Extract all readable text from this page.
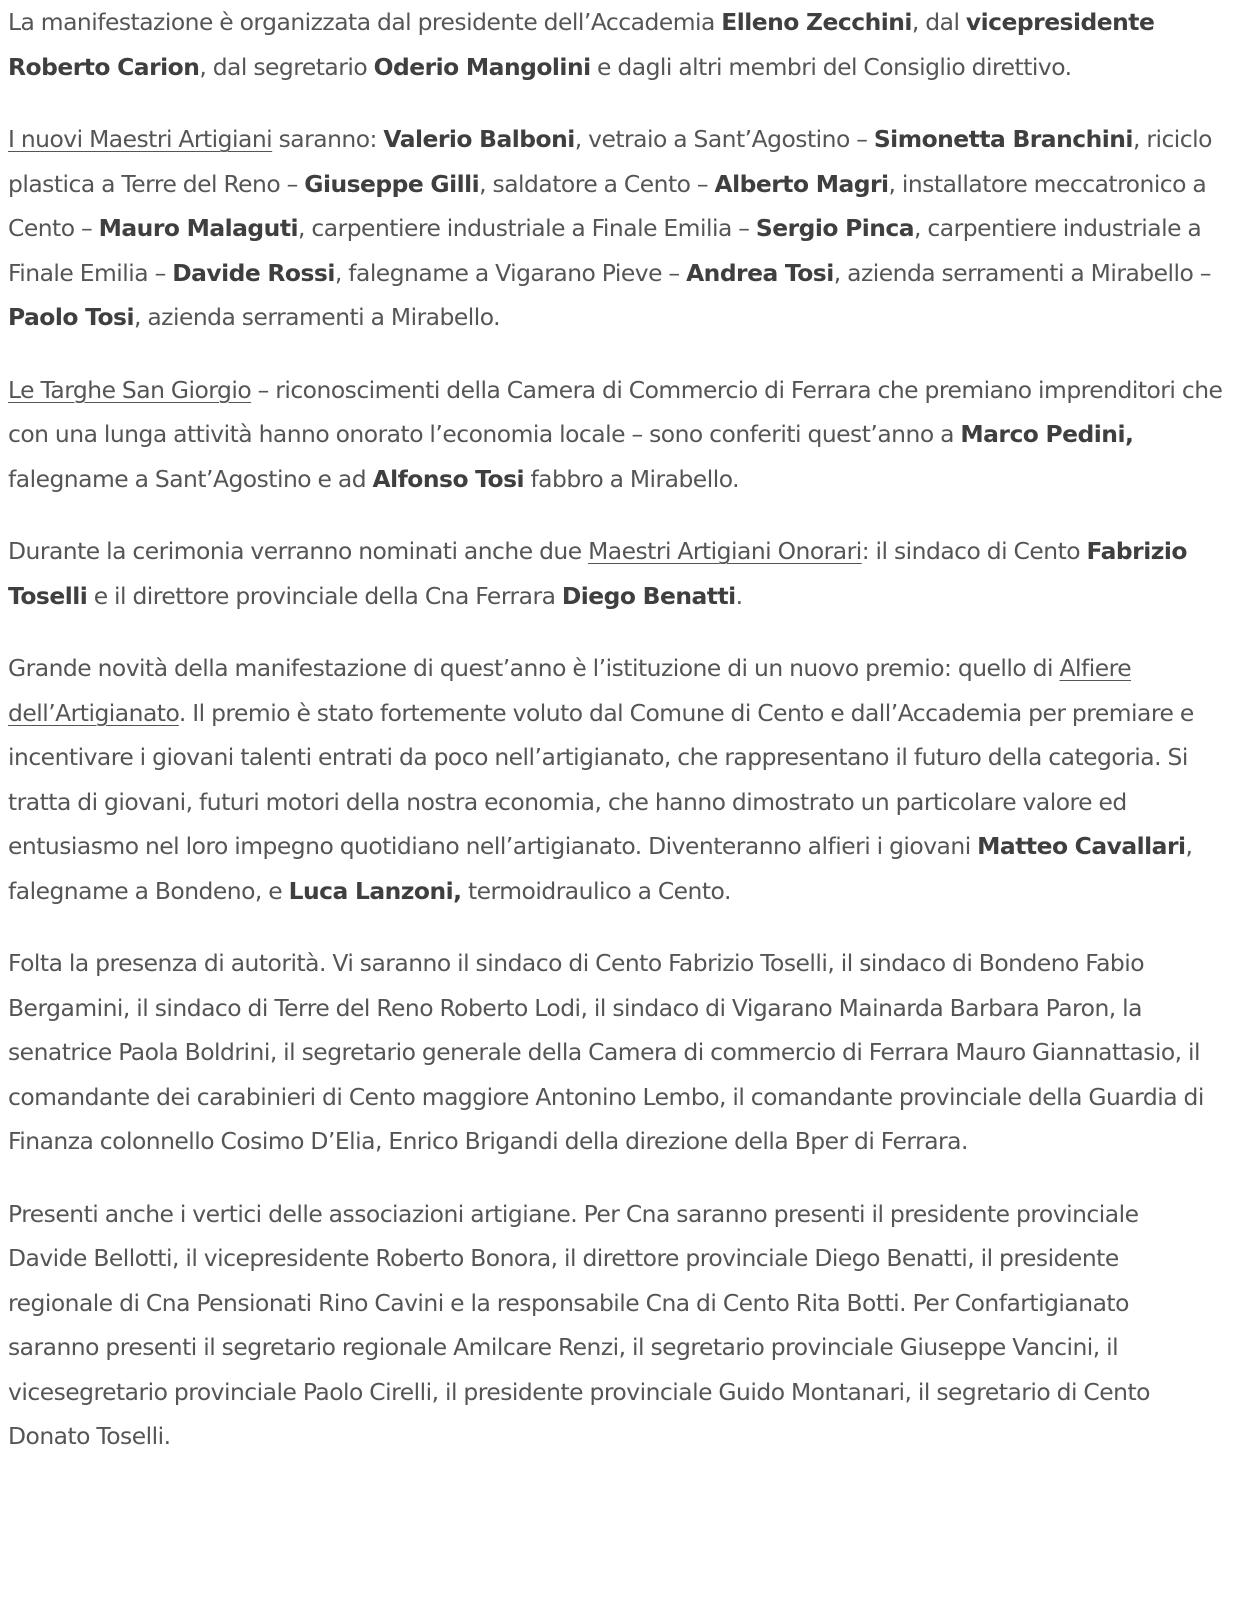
La manifestazione è organizzata dal presidente dell’Accademia Elleno Zecchini, dal vicepresidente Roberto Carion, dal segretario Oderio Mangolini e dagli altri membri del Consiglio direttivo.

I nuovi Maestri Artigiani saranno: Valerio Balboni, vetraio a Sant’Agostino – Simonetta Branchini, riciclo plastica a Terre del Reno – Giuseppe Gilli, saldatore a Cento – Alberto Magri, installatore meccatronico a Cento – Mauro Malaguti, carpentiere industriale a Finale Emilia – Sergio Pinca, carpentiere industriale a Finale Emilia – Davide Rossi, falegname a Vigarano Pieve – Andrea Tosi, azienda serramenti a Mirabello – Paolo Tosi, azienda serramenti a Mirabello.

Le Targhe San Giorgio – riconoscimenti della Camera di Commercio di Ferrara che premiano imprenditori che con una lunga attività hanno onorato l’economia locale – sono conferiti quest’anno a Marco Pedini, falegname a Sant’Agostino e ad Alfonso Tosi fabbro a Mirabello.

Durante la cerimonia verranno nominati anche due Maestri Artigiani Onorari: il sindaco di Cento Fabrizio Toselli e il direttore provinciale della Cna Ferrara Diego Benatti.

Grande novità della manifestazione di quest’anno è l’istituzione di un nuovo premio: quello di Alfiere dell’Artigianato. Il premio è stato fortemente voluto dal Comune di Cento e dall’Accademia per premiare e incentivare i giovani talenti entrati da poco nell’artigianato, che rappresentano il futuro della categoria. Si tratta di giovani, futuri motori della nostra economia, che hanno dimostrato un particolare valore ed entusiasmo nel loro impegno quotidiano nell’artigianato. Diventeranno alfieri i giovani Matteo Cavallari, falegname a Bondeno, e Luca Lanzoni, termoidraulico a Cento.

Folta la presenza di autorità. Vi saranno il sindaco di Cento Fabrizio Toselli, il sindaco di Bondeno Fabio Bergamini, il sindaco di Terre del Reno Roberto Lodi, il sindaco di Vigarano Mainarda Barbara Paron, la senatrice Paola Boldrini, il segretario generale della Camera di commercio di Ferrara Mauro Giannattasio, il comandante dei carabinieri di Cento maggiore Antonino Lembo, il comandante provinciale della Guardia di Finanza colonnello Cosimo D’Elia, Enrico Brigandi della direzione della Bper di Ferrara.

Presenti anche i vertici delle associazioni artigiane. Per Cna saranno presenti il presidente provinciale Davide Bellotti, il vicepresidente Roberto Bonora, il direttore provinciale Diego Benatti, il presidente regionale di Cna Pensionati Rino Cavini e la responsabile Cna di Cento Rita Botti. Per Confartigianato saranno presenti il segretario regionale Amilcare Renzi, il segretario provinciale Giuseppe Vancini, il vicesegretario provinciale Paolo Cirelli, il presidente provinciale Guido Montanari, il segretario di Cento Donato Toselli.
